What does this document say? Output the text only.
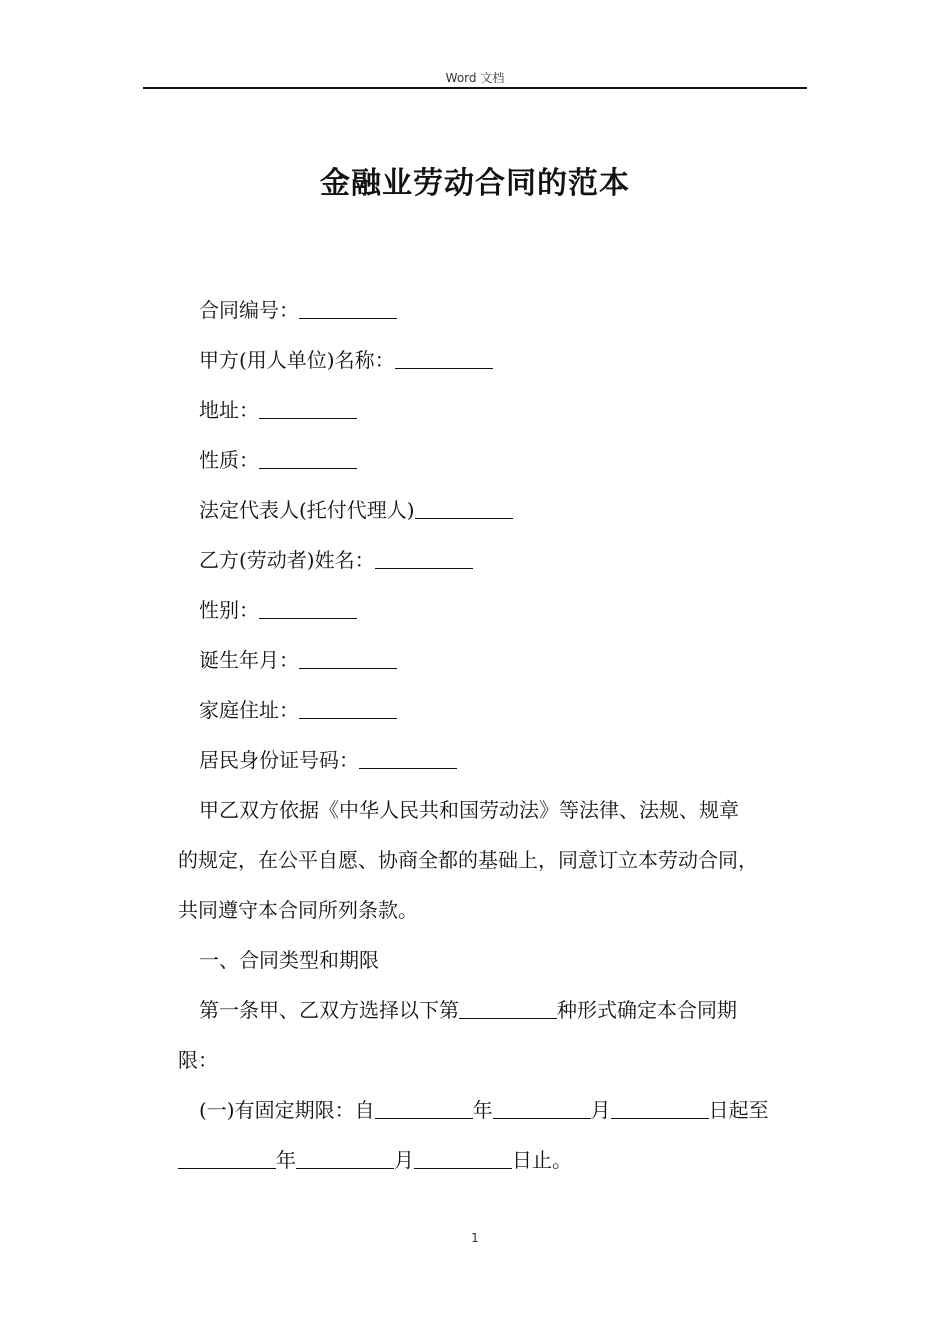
Word 文档
金融业劳动合同的范本
合同编号：
甲方(用人单位)名称：
地址：
性质：
法定代表人(托付代理人)
乙方(劳动者)姓名：
性别：
诞生年月：
家庭住址：
居民身份证号码：
甲乙双方依据《中华人民共和国劳动法》等法律、法规、规章
的规定，在公平自愿、协商全都的基础上，同意订立本劳动合同，
共同遵守本合同所列条款。
一、合同类型和期限
第一条甲、乙双方选择以下第	种形式确定本合同期
限：
(一)有固定期限：自	年	月	日起至
年	月	日止。
1
